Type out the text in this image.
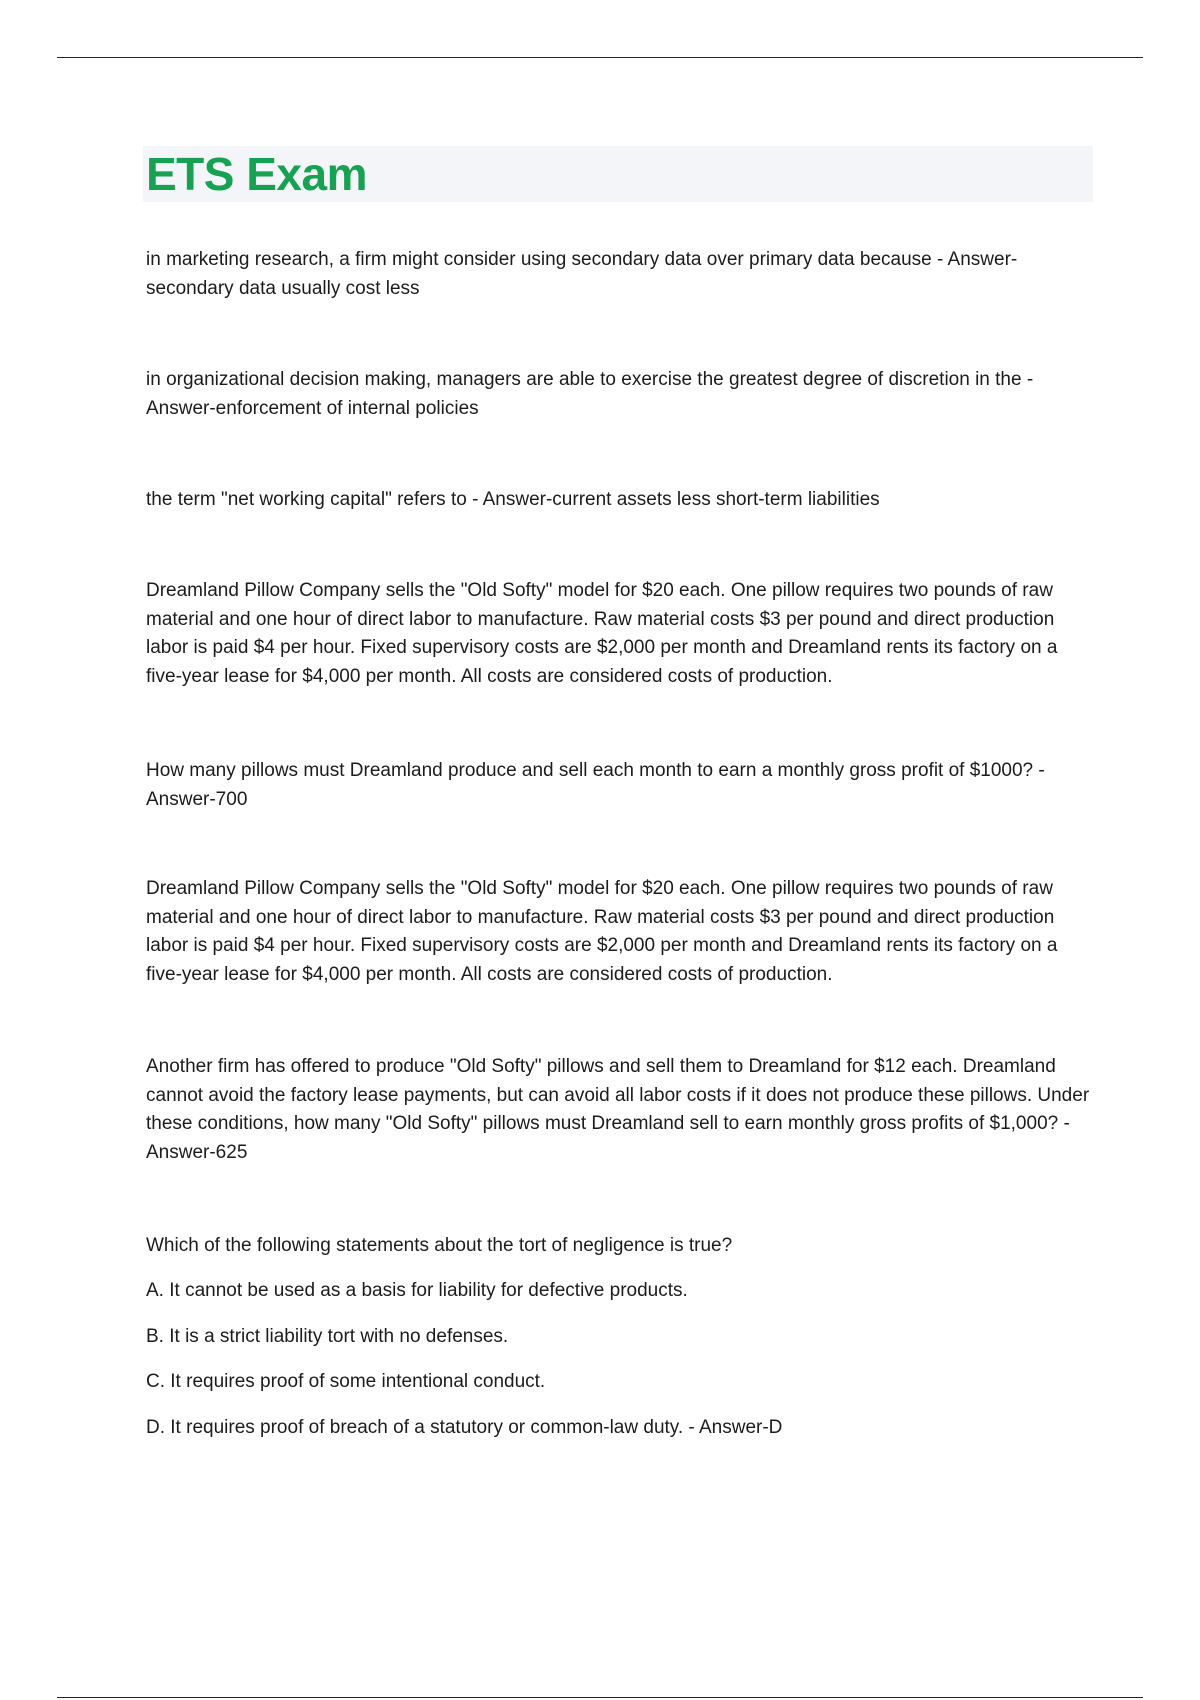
ETS Exam

in marketing research, a firm might consider using secondary data over primary data because - Answer-secondary data usually cost less

in organizational decision making, managers are able to exercise the greatest degree of discretion in the - Answer-enforcement of internal policies

the term "net working capital" refers to - Answer-current assets less short-term liabilities

Dreamland Pillow Company sells the "Old Softy" model for $20 each. One pillow requires two pounds of raw material and one hour of direct labor to manufacture. Raw material costs $3 per pound and direct production labor is paid $4 per hour. Fixed supervisory costs are $2,000 per month and Dreamland rents its factory on a five-year lease for $4,000 per month. All costs are considered costs of production.

How many pillows must Dreamland produce and sell each month to earn a monthly gross profit of $1000? - Answer-700

Dreamland Pillow Company sells the "Old Softy" model for $20 each. One pillow requires two pounds of raw material and one hour of direct labor to manufacture. Raw material costs $3 per pound and direct production labor is paid $4 per hour. Fixed supervisory costs are $2,000 per month and Dreamland rents its factory on a five-year lease for $4,000 per month. All costs are considered costs of production.

Another firm has offered to produce "Old Softy" pillows and sell them to Dreamland for $12 each. Dreamland cannot avoid the factory lease payments, but can avoid all labor costs if it does not produce these pillows. Under these conditions, how many "Old Softy" pillows must Dreamland sell to earn monthly gross profits of $1,000? - Answer-625

Which of the following statements about the tort of negligence is true?

A. It cannot be used as a basis for liability for defective products.

B. It is a strict liability tort with no defenses.

C. It requires proof of some intentional conduct.

D. It requires proof of breach of a statutory or common-law duty. - Answer-D
